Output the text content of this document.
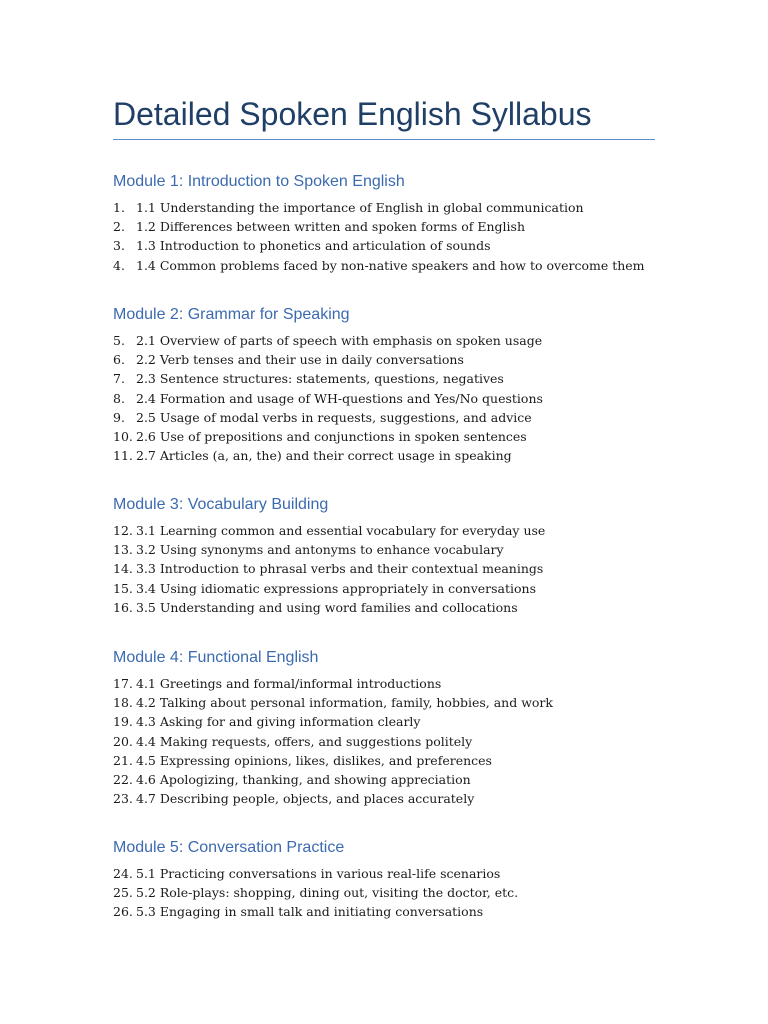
Detailed Spoken English Syllabus
Module 1: Introduction to Spoken English
1. 1.1 Understanding the importance of English in global communication
2. 1.2 Differences between written and spoken forms of English
3. 1.3 Introduction to phonetics and articulation of sounds
4. 1.4 Common problems faced by non-native speakers and how to overcome them
Module 2: Grammar for Speaking
5. 2.1 Overview of parts of speech with emphasis on spoken usage
6. 2.2 Verb tenses and their use in daily conversations
7. 2.3 Sentence structures: statements, questions, negatives
8. 2.4 Formation and usage of WH-questions and Yes/No questions
9. 2.5 Usage of modal verbs in requests, suggestions, and advice
10. 2.6 Use of prepositions and conjunctions in spoken sentences
11. 2.7 Articles (a, an, the) and their correct usage in speaking
Module 3: Vocabulary Building
12. 3.1 Learning common and essential vocabulary for everyday use
13. 3.2 Using synonyms and antonyms to enhance vocabulary
14. 3.3 Introduction to phrasal verbs and their contextual meanings
15. 3.4 Using idiomatic expressions appropriately in conversations
16. 3.5 Understanding and using word families and collocations
Module 4: Functional English
17. 4.1 Greetings and formal/informal introductions
18. 4.2 Talking about personal information, family, hobbies, and work
19. 4.3 Asking for and giving information clearly
20. 4.4 Making requests, offers, and suggestions politely
21. 4.5 Expressing opinions, likes, dislikes, and preferences
22. 4.6 Apologizing, thanking, and showing appreciation
23. 4.7 Describing people, objects, and places accurately
Module 5: Conversation Practice
24. 5.1 Practicing conversations in various real-life scenarios
25. 5.2 Role-plays: shopping, dining out, visiting the doctor, etc.
26. 5.3 Engaging in small talk and initiating conversations
